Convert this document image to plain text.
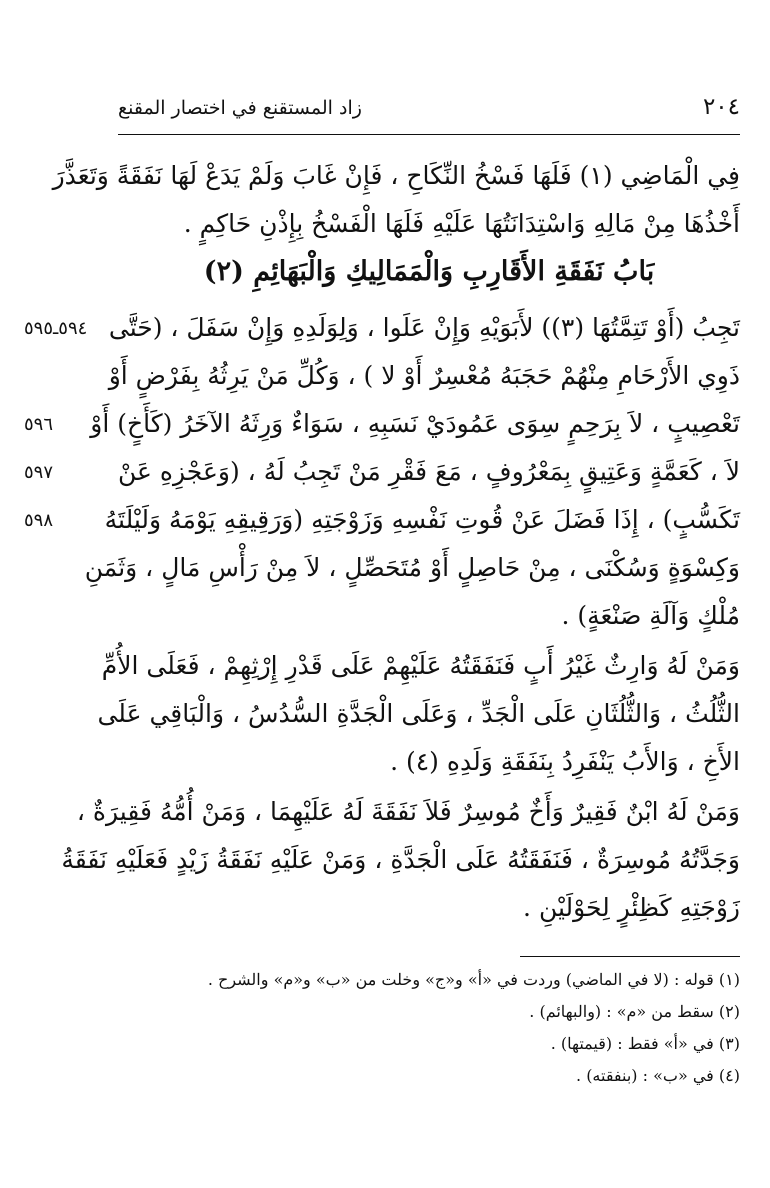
٢٠٤
زاد المستقنع في اختصار المقنع
فِي الْمَاضِي (١) فَلَهَا فَسْخُ النِّكَاحِ ، فَإِنْ غَابَ وَلَمْ يَدَعْ لَهَا نَفَقَةً وَتَعَذَّرَ
أَخْذُهَا مِنْ مَالِهِ وَاسْتِدَانَتُهَا عَلَيْهِ فَلَهَا الْفَسْخُ بِإِذْنِ حَاكِمٍ .
بَابُ نَفَقَةِ الأَقَارِبِ وَالْمَمَالِيكِ وَالْبَهَائِمِ (٢)
تَجِبُ (أَوْ تَتِمَّتُهَا (٣)) لأَبَوَيْهِ وَإِنْ عَلَوا ، وَلِوَلَدِهِ وَإِنْ سَفَلَ ، (حَتَّى
ذَوِي الأَرْحَامِ مِنْهُمْ حَجَبَهُ مُعْسِرٌ أَوْ لا ) ، وَكُلِّ مَنْ يَرِثُهُ بِفَرْضٍ أَوْ
تَعْصِيبٍ ، لاَ بِرَحِمٍ سِوَى عَمُودَيْ نَسَبِهِ ، سَوَاءٌ وَرِثَهُ الآخَرُ (كَأَخٍ) أَوْ
لاَ ، كَعَمَّةٍ وَعَتِيقٍ بِمَعْرُوفٍ ، مَعَ فَقْرِ مَنْ تَجِبُ لَهُ ، (وَعَجْزِهِ عَنْ
تَكَسُّبٍ) ، إِذَا فَضَلَ عَنْ قُوتِ نَفْسِهِ وَزَوْجَتِهِ (وَرَقِيقِهِ يَوْمَهُ وَلَيْلَتَهُ
وَكِسْوَةٍ وَسُكْنَى ، مِنْ حَاصِلٍ أَوْ مُتَحَصِّلٍ ، لاَ مِنْ رَأْسِ مَالٍ ، وَثَمَنِ
مُلْكٍ وَآلَةِ صَنْعَةٍ) .
وَمَنْ لَهُ وَارِثٌ غَيْرُ أَبٍ فَنَفَقَتُهُ عَلَيْهِمْ عَلَى قَدْرِ إِرْثِهِمْ ، فَعَلَى الأُمِّ
الثُّلُثُ ، وَالثُّلُثَانِ عَلَى الْجَدِّ ، وَعَلَى الْجَدَّةِ السُّدُسُ ، وَالْبَاقِي عَلَى
الأَخِ ، وَالأَبُ يَنْفَرِدُ بِنَفَقَةِ وَلَدِهِ (٤) .
وَمَنْ لَهُ ابْنٌ فَقِيرٌ وَأَخٌ مُوسِرٌ فَلاَ نَفَقَةَ لَهُ عَلَيْهِمَا ، وَمَنْ أُمُّهُ فَقِيرَةٌ ،
وَجَدَّتُهُ مُوسِرَةٌ ، فَنَفَقَتُهُ عَلَى الْجَدَّةِ ، وَمَنْ عَلَيْهِ نَفَقَةُ زَيْدٍ فَعَلَيْهِ نَفَقَةُ
زَوْجَتِهِ كَظِئْرٍ لِحَوْلَيْنِ .
٥٩٤ـ٥٩٥
٥٩٦
٥٩٧
٥٩٨
(١) قوله : (لا في الماضي) وردت في «أ» و«ج» وخلت من «ب» و«م» والشرح .
(٢) سقط من «م» : (والبهائم) .
(٣) في «أ» فقط : (قيمتها) .
(٤) في «ب» : (بنفقته) .
